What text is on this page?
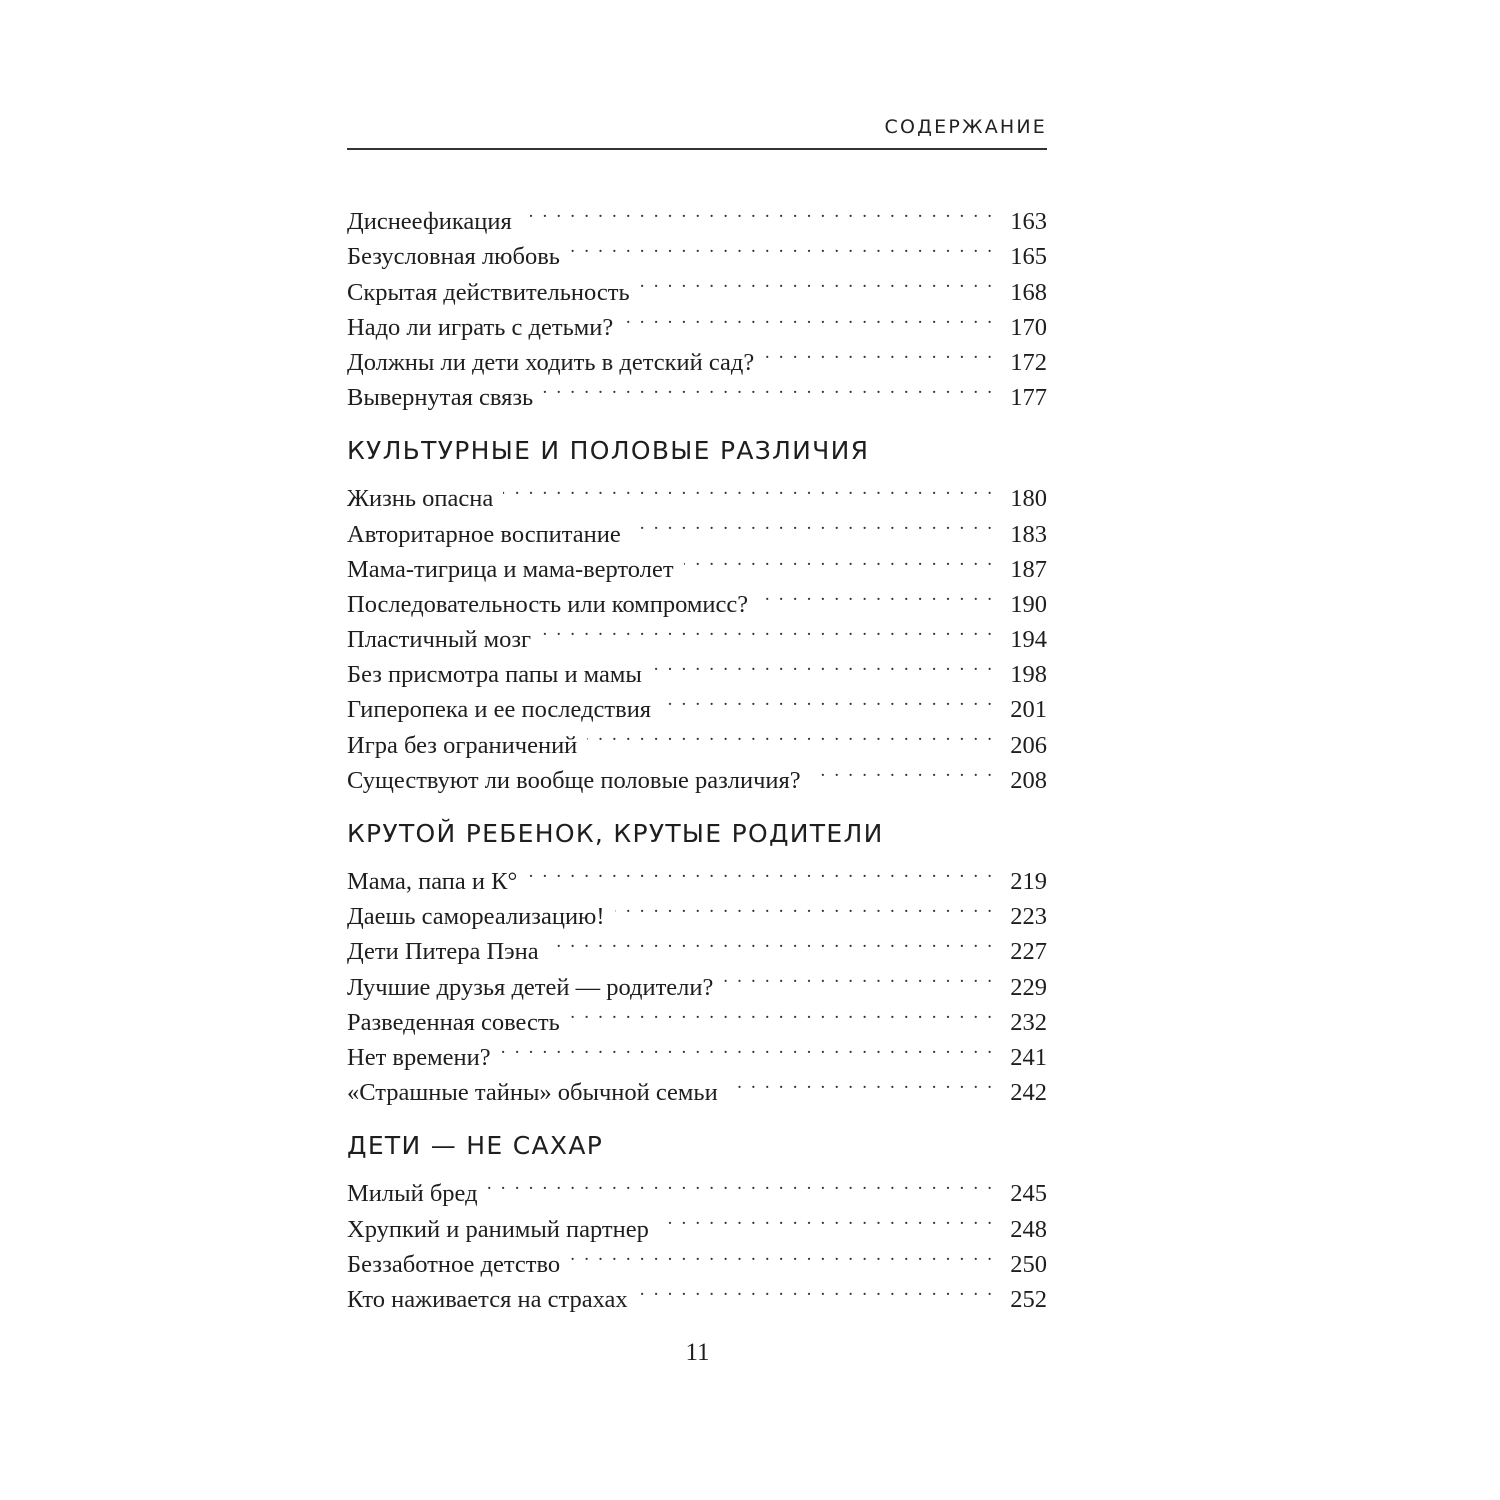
СОДЕРЖАНИЕ
Диснеефикация . . .	163
Безусловная любовь . . .	165
Скрытая действительность . . .	168
Надо ли играть с детьми? . . .	170
Должны ли дети ходить в детский сад? . . .	172
Вывернутая связь . . .	177
КУЛЬТУРНЫЕ И ПОЛОВЫЕ РАЗЛИЧИЯ
Жизнь опасна . . .	180
Авторитарное воспитание . . .	183
Мама-тигрица и мама-вертолет . . .	187
Последовательность или компромисс? . . .	190
Пластичный мозг . . .	194
Без присмотра папы и мамы . . .	198
Гиперопека и ее последствия . . .	201
Игра без ограничений . . .	206
Существуют ли вообще половые различия? . . .	208
КРУТОЙ РЕБЕНОК, КРУТЫЕ РОДИТЕЛИ
Мама, папа и К° . . .	219
Даешь самореализацию! . . .	223
Дети Питера Пэна . . .	227
Лучшие друзья детей — родители? . . .	229
Разведенная совесть . . .	232
Нет времени? . . .	241
«Страшные тайны» обычной семьи . . .	242
ДЕТИ — НЕ САХАР
Милый бред . . .	245
Хрупкий и ранимый партнер . . .	248
Беззаботное детство . . .	250
Кто наживается на страхах . . .	252
11
